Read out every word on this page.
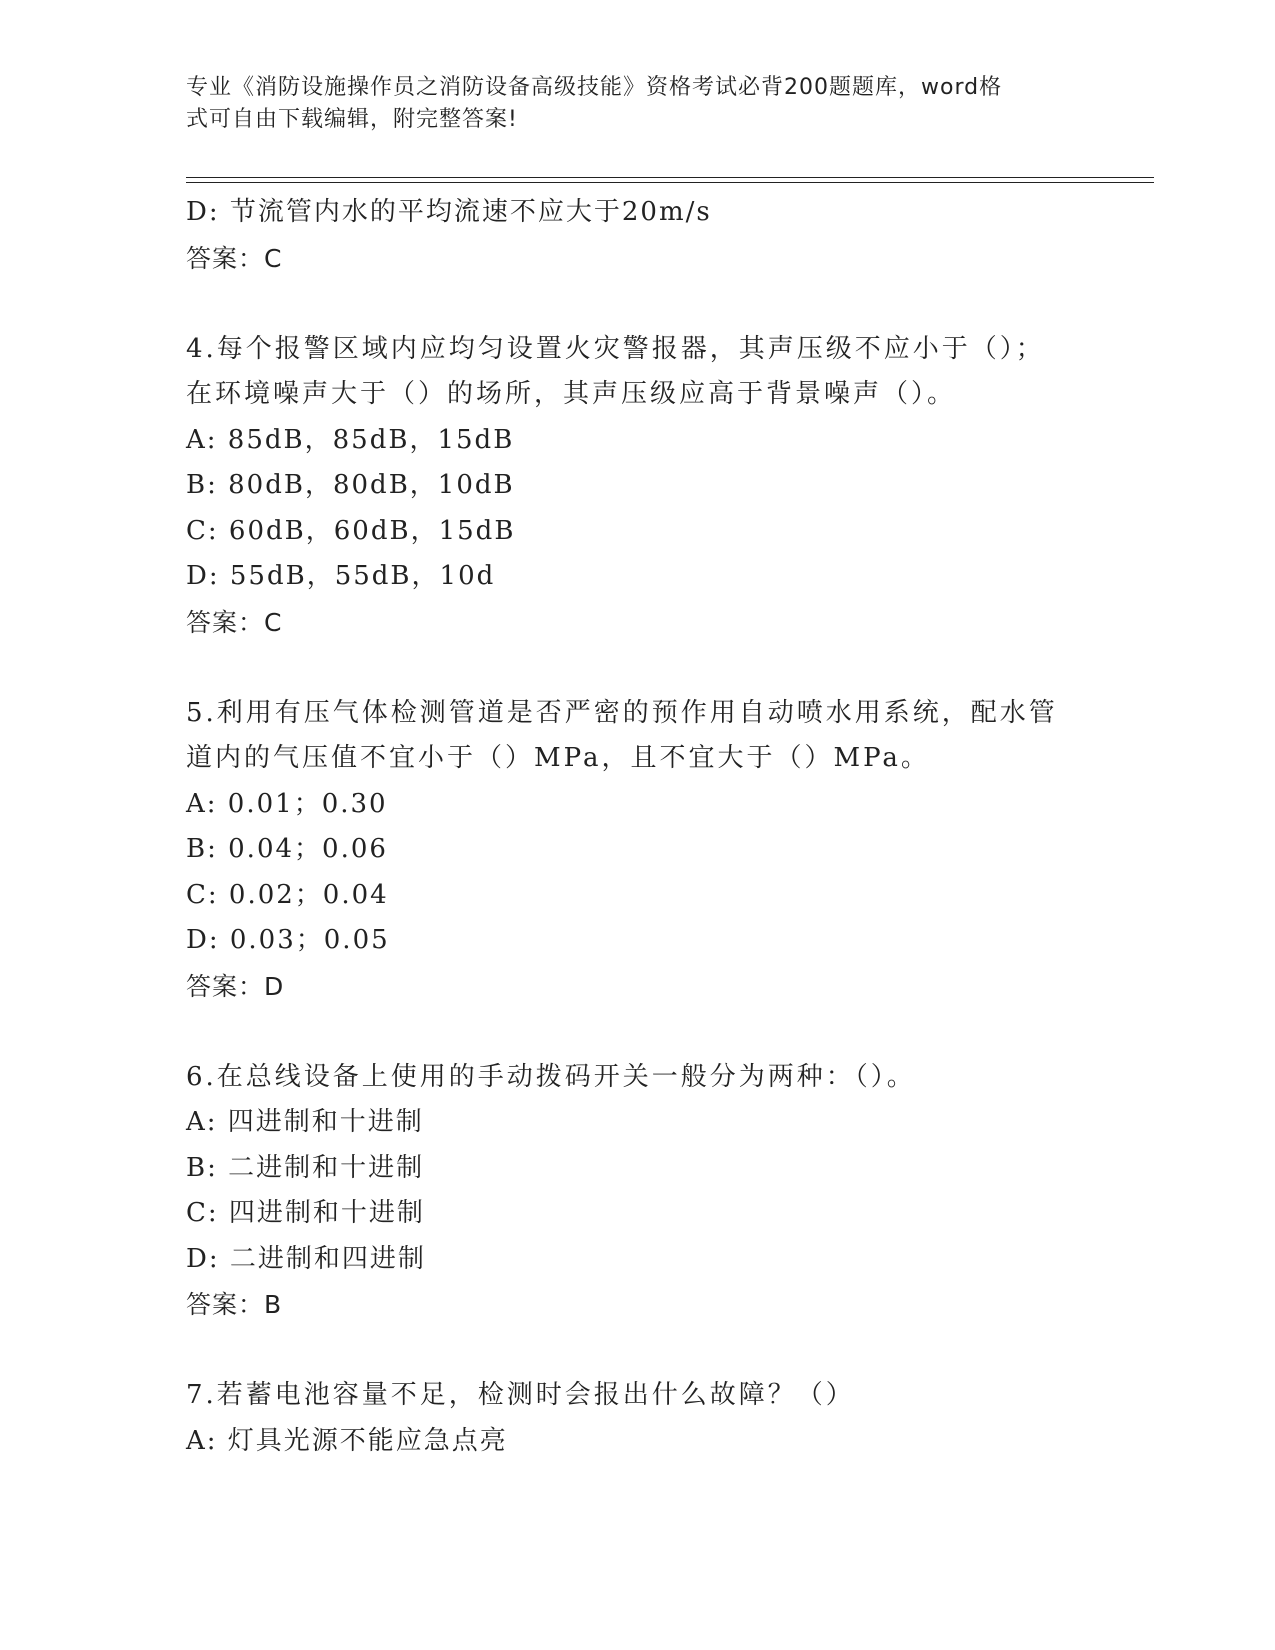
专业《消防设施操作员之消防设备高级技能》资格考试必背200题题库，word格
式可自由下载编辑，附完整答案!
D: 节流管内水的平均流速不应大于20m/s
答案：C
4.每个报警区域内应均匀设置火灾警报器，其声压级不应小于（）；
在环境噪声大于（）的场所，其声压级应高于背景噪声（）。
A: 85dB，85dB，15dB
B: 80dB，80dB，10dB
C: 60dB，60dB，15dB
D: 55dB，55dB，10d
答案：C
5.利用有压气体检测管道是否严密的预作用自动喷水用系统，配水管
道内的气压值不宜小于（）MPa，且不宜大于（）MPa。
A: 0.01；0.30
B: 0.04；0.06
C: 0.02；0.04
D: 0.03；0.05
答案：D
6.在总线设备上使用的手动拨码开关一般分为两种：（）。
A: 四进制和十进制
B: 二进制和十进制
C: 四进制和十进制
D: 二进制和四进制
答案：B
7.若蓄电池容量不足，检测时会报出什么故障？（）
A: 灯具光源不能应急点亮
